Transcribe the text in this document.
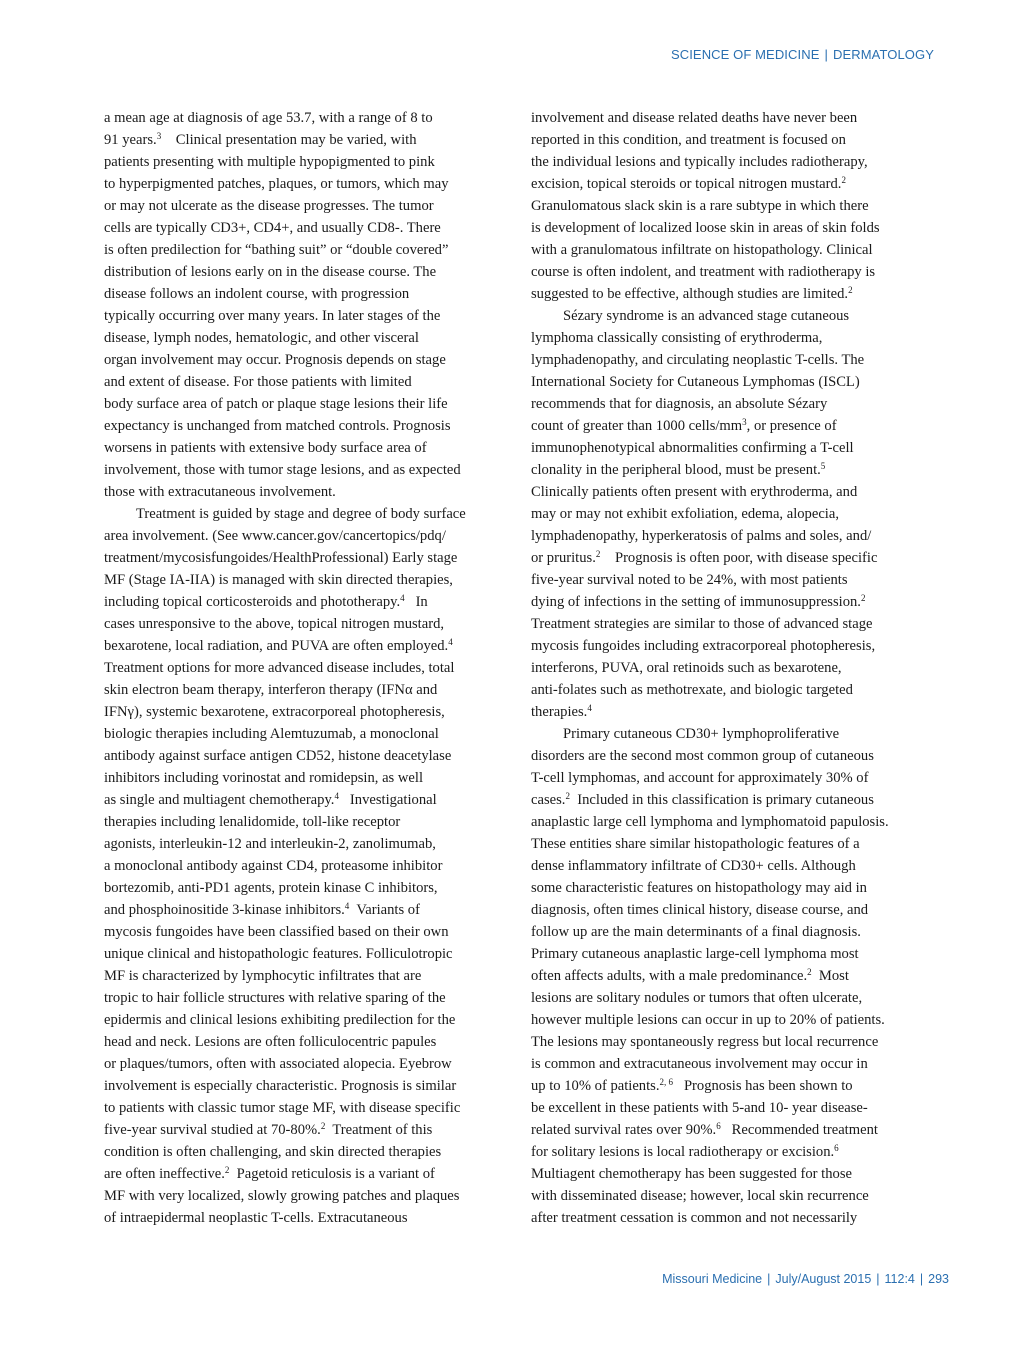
SCIENCE OF MEDICINE | DERMATOLOGY
a mean age at diagnosis of age 53.7, with a range of 8 to
91 years.$^3$    Clinical presentation may be varied, with
patients presenting with multiple hypopigmented to pink
to hyperpigmented patches, plaques, or tumors, which may
or may not ulcerate as the disease progresses. The tumor
cells are typically CD3+, CD4+, and usually CD8-. There
is often predilection for “bathing suit” or “double covered”
distribution of lesions early on in the disease course. The
disease follows an indolent course, with progression
typically occurring over many years. In later stages of the
disease, lymph nodes, hematologic, and other visceral
organ involvement may occur. Prognosis depends on stage
and extent of disease. For those patients with limited
body surface area of patch or plaque stage lesions their life
expectancy is unchanged from matched controls. Prognosis
worsens in patients with extensive body surface area of
involvement, those with tumor stage lesions, and as expected
those with extracutaneous involvement.
Treatment is guided by stage and degree of body surface
area involvement. (See www.cancer.gov/cancertopics/pdq/
treatment/mycosisfungoides/HealthProfessional) Early stage
MF (Stage IA-IIA) is managed with skin directed therapies,
including topical corticosteroids and phototherapy.$^4$   In
cases unresponsive to the above, topical nitrogen mustard,
bexarotene, local radiation, and PUVA are often employed.$^4$
Treatment options for more advanced disease includes, total
skin electron beam therapy, interferon therapy (IFNα and
IFNγ), systemic bexarotene, extracorporeal photopheresis,
biologic therapies including Alemtuzumab, a monoclonal
antibody against surface antigen CD52, histone deacetylase
inhibitors including vorinostat and romidepsin, as well
as single and multiagent chemotherapy.$^4$   Investigational
therapies including lenalidomide, toll-like receptor
agonists, interleukin-12 and interleukin-2, zanolimumab,
a monoclonal antibody against CD4, proteasome inhibitor
bortezomib, anti-PD1 agents, protein kinase C inhibitors,
and phosphoinositide 3-kinase inhibitors.$^4$  Variants of
mycosis fungoides have been classified based on their own
unique clinical and histopathologic features. Folliculotropic
MF is characterized by lymphocytic infiltrates that are
tropic to hair follicle structures with relative sparing of the
epidermis and clinical lesions exhibiting predilection for the
head and neck. Lesions are often folliculocentric papules
or plaques/tumors, often with associated alopecia. Eyebrow
involvement is especially characteristic. Prognosis is similar
to patients with classic tumor stage MF, with disease specific
five-year survival studied at 70-80%.$^2$  Treatment of this
condition is often challenging, and skin directed therapies
are often ineffective.$^2$  Pagetoid reticulosis is a variant of
MF with very localized, slowly growing patches and plaques
of intraepidermal neoplastic T-cells. Extracutaneous
involvement and disease related deaths have never been
reported in this condition, and treatment is focused on
the individual lesions and typically includes radiotherapy,
excision, topical steroids or topical nitrogen mustard.$^2$
Granulomatous slack skin is a rare subtype in which there
is development of localized loose skin in areas of skin folds
with a granulomatous infiltrate on histopathology. Clinical
course is often indolent, and treatment with radiotherapy is
suggested to be effective, although studies are limited.$^2$
Sézary syndrome is an advanced stage cutaneous
lymphoma classically consisting of erythroderma,
lymphadenopathy, and circulating neoplastic T-cells. The
International Society for Cutaneous Lymphomas (ISCL)
recommends that for diagnosis, an absolute Sézary
count of greater than 1000 cells/$mm^3$, or presence of
immunophenotypical abnormalities confirming a T-cell
clonality in the peripheral blood, must be present.$^5$
Clinically patients often present with erythroderma, and
may or may not exhibit exfoliation, edema, alopecia,
lymphadenopathy, hyperkeratosis of palms and soles, and/
or pruritus.$^2$    Prognosis is often poor, with disease specific
five-year survival noted to be 24%, with most patients
dying of infections in the setting of immunosuppression.$^2$
Treatment strategies are similar to those of advanced stage
mycosis fungoides including extracorporeal photopheresis,
interferons, PUVA, oral retinoids such as bexarotene,
anti-folates such as methotrexate, and biologic targeted
therapies.$^4$
Primary cutaneous CD30+ lymphoproliferative
disorders are the second most common group of cutaneous
T-cell lymphomas, and account for approximately 30% of
cases.$^2$  Included in this classification is primary cutaneous
anaplastic large cell lymphoma and lymphomatoid papulosis.
These entities share similar histopathologic features of a
dense inflammatory infiltrate of CD30+ cells. Although
some characteristic features on histopathology may aid in
diagnosis, often times clinical history, disease course, and
follow up are the main determinants of a final diagnosis.
Primary cutaneous anaplastic large-cell lymphoma most
often affects adults, with a male predominance.$^2$  Most
lesions are solitary nodules or tumors that often ulcerate,
however multiple lesions can occur in up to 20% of patients.
The lesions may spontaneously regress but local recurrence
is common and extracutaneous involvement may occur in
up to 10% of patients.$^{2, 6}$   Prognosis has been shown to
be excellent in these patients with 5-and 10- year disease-
related survival rates over 90%.$^6$   Recommended treatment
for solitary lesions is local radiotherapy or excision.$^6$
Multiagent chemotherapy has been suggested for those
with disseminated disease; however, local skin recurrence
after treatment cessation is common and not necessarily
Missouri Medicine | July/August 2015 | 112:4 | 293
